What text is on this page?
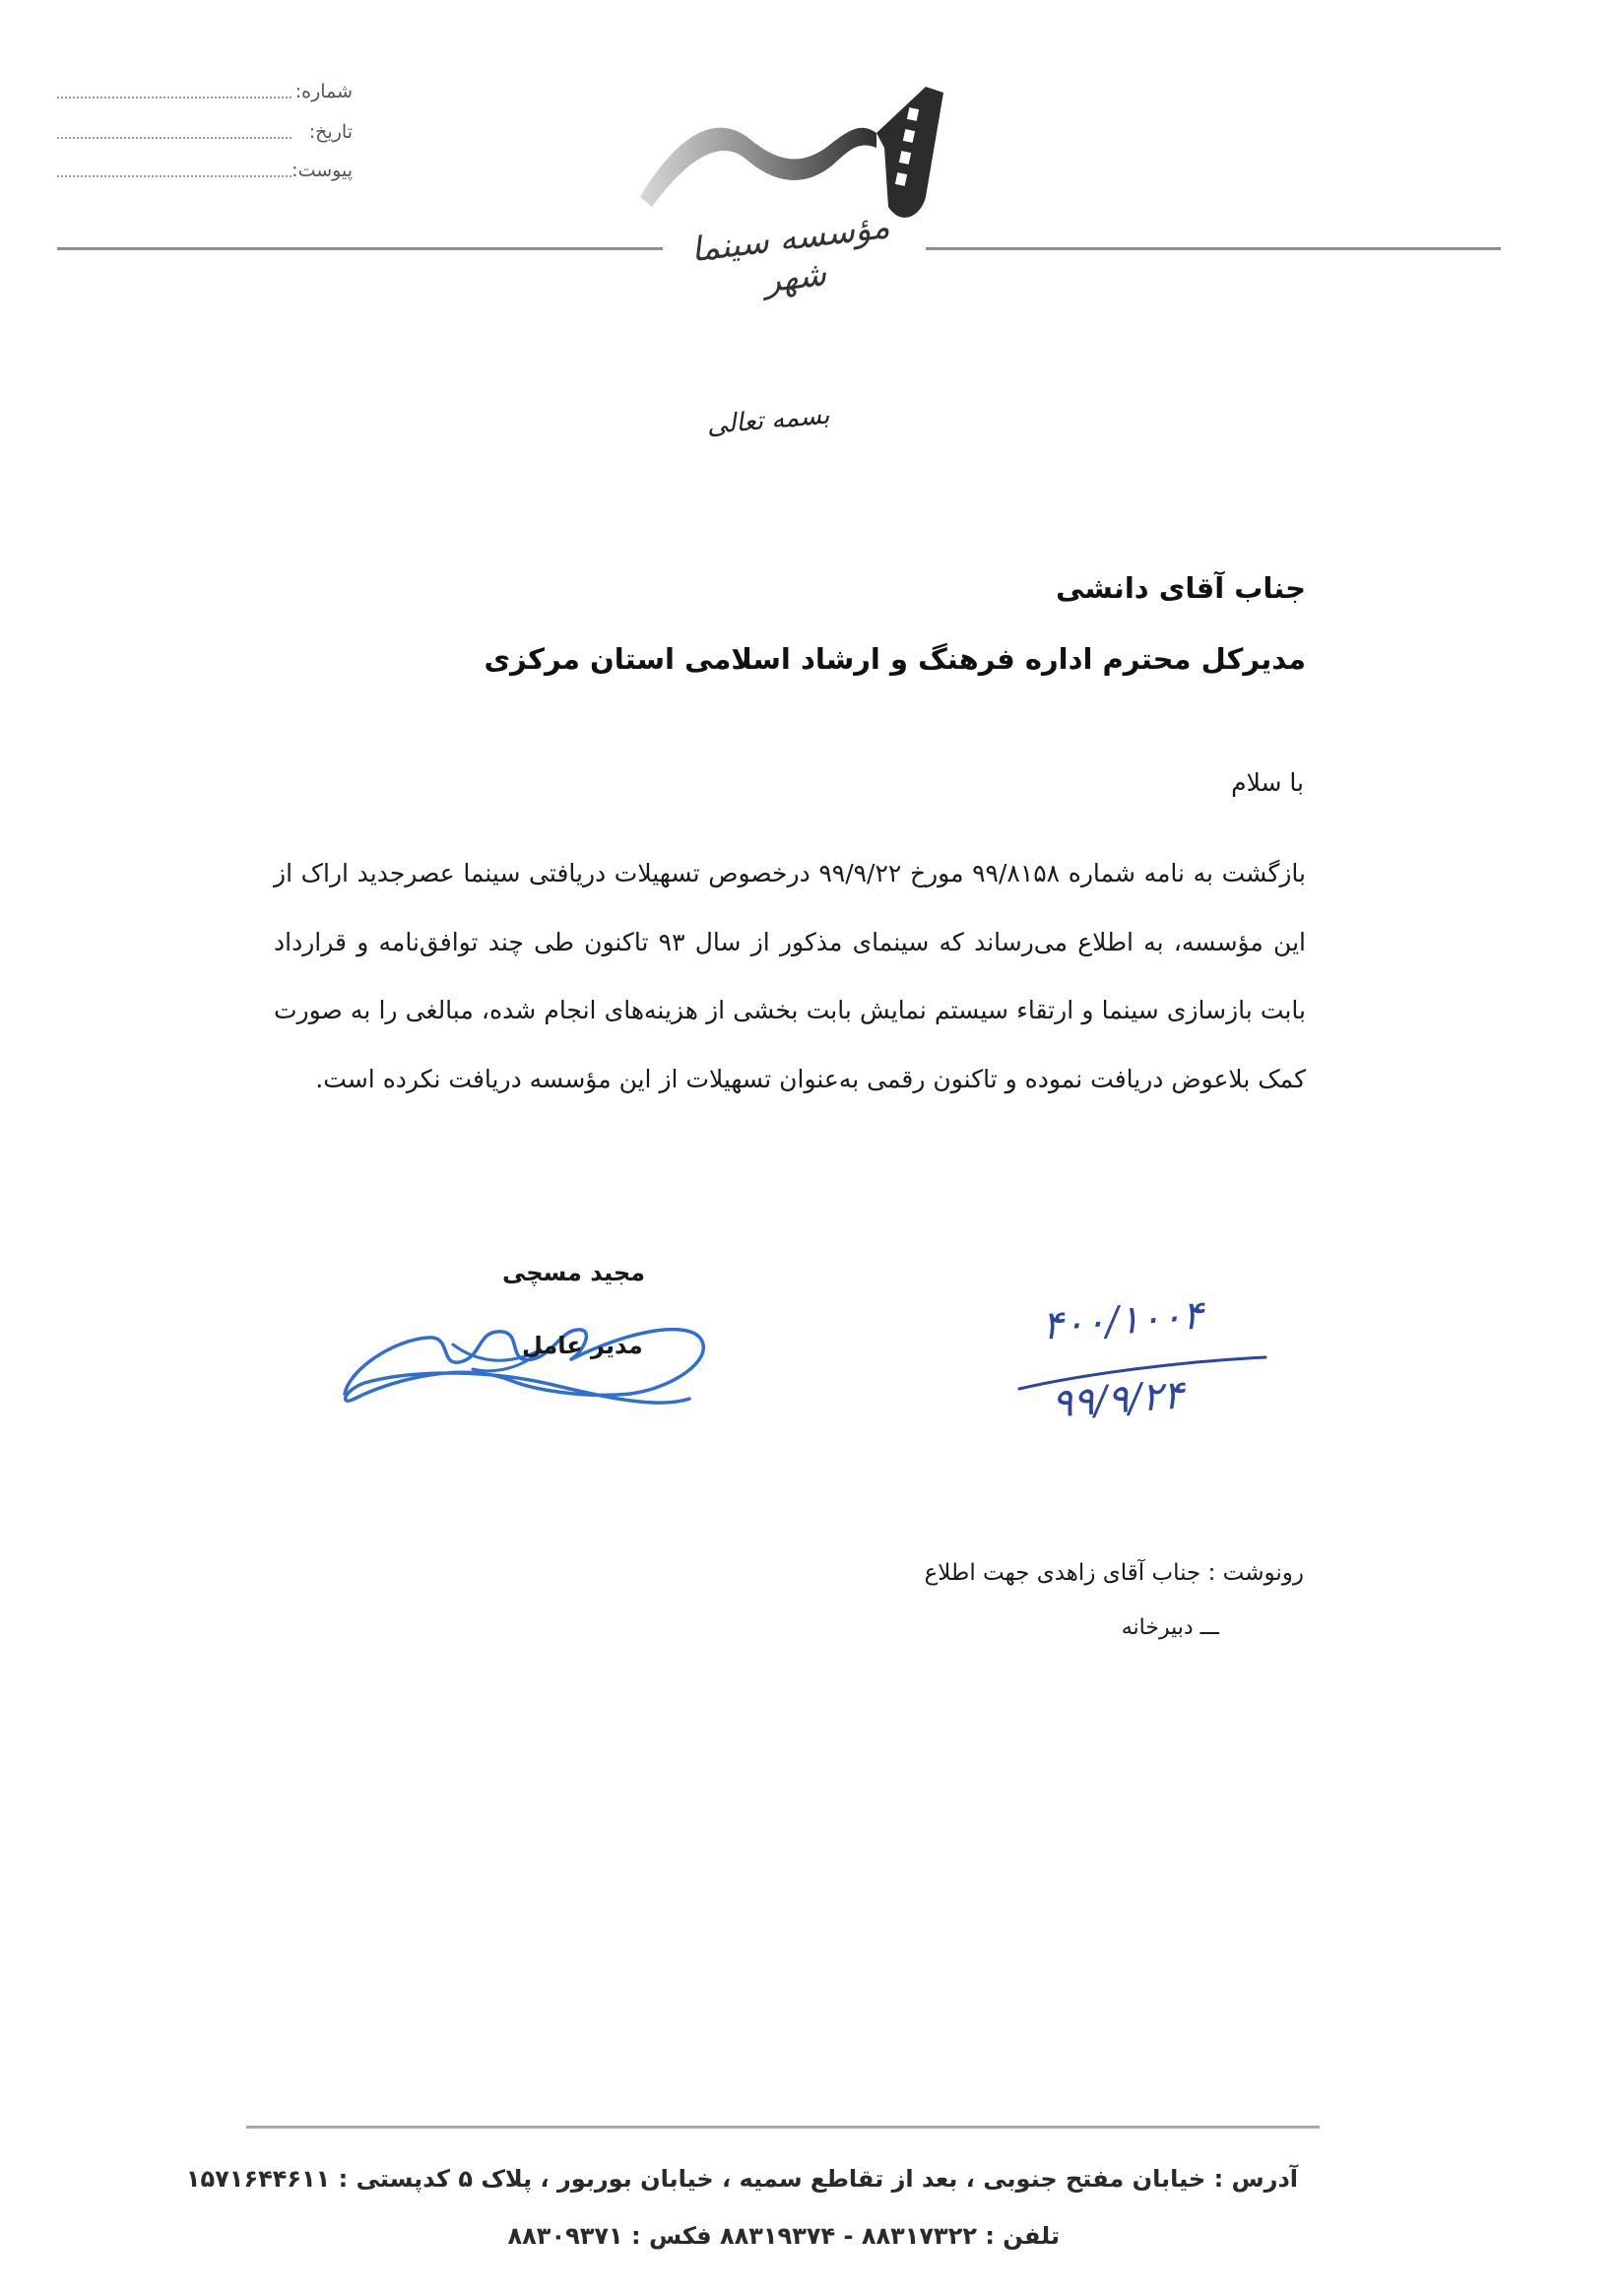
شماره:
تاریخ:
پیوست:
مؤسسه سینما شهر
بسمه تعالی
جناب آقای دانشی
مدیرکل محترم اداره فرهنگ و ارشاد اسلامی استان مرکزی
با سلام
بازگشت به نامه شماره ۹۹/۸۱۵۸ مورخ ۹۹/۹/۲۲ درخصوص تسهیلات دریافتی سینما عصرجدید اراک از این مؤسسه، به اطلاع می‌رساند که سینمای مذکور از سال ۹۳ تاکنون طی چند توافق‌نامه و قرارداد بابت بازسازی سینما و ارتقاء سیستم نمایش بابت بخشی از هزینه‌های انجام شده، مبالغی را به صورت کمک بلاعوض دریافت نموده و تاکنون رقمی به‌عنوان تسهیلات از این مؤسسه دریافت نکرده است.
مجید مسچی
مدیر عامل	۴۰۰/۱۰۰۴
۹۹/۹/۲۴
رونوشت : جناب آقای زاهدی جهت اطلاع
ـــ دبیرخانه
آدرس : خیابان مفتح جنوبی ، بعد از تقاطع سمیه ، خیابان بوربور ، پلاک ۵ کدپستی : ۱۵۷۱۶۴۴۶۱۱
تلفن : ۸۸۳۱۷۳۲۲ - ۸۸۳۱۹۳۷۴ فکس : ۸۸۳۰۹۳۷۱
